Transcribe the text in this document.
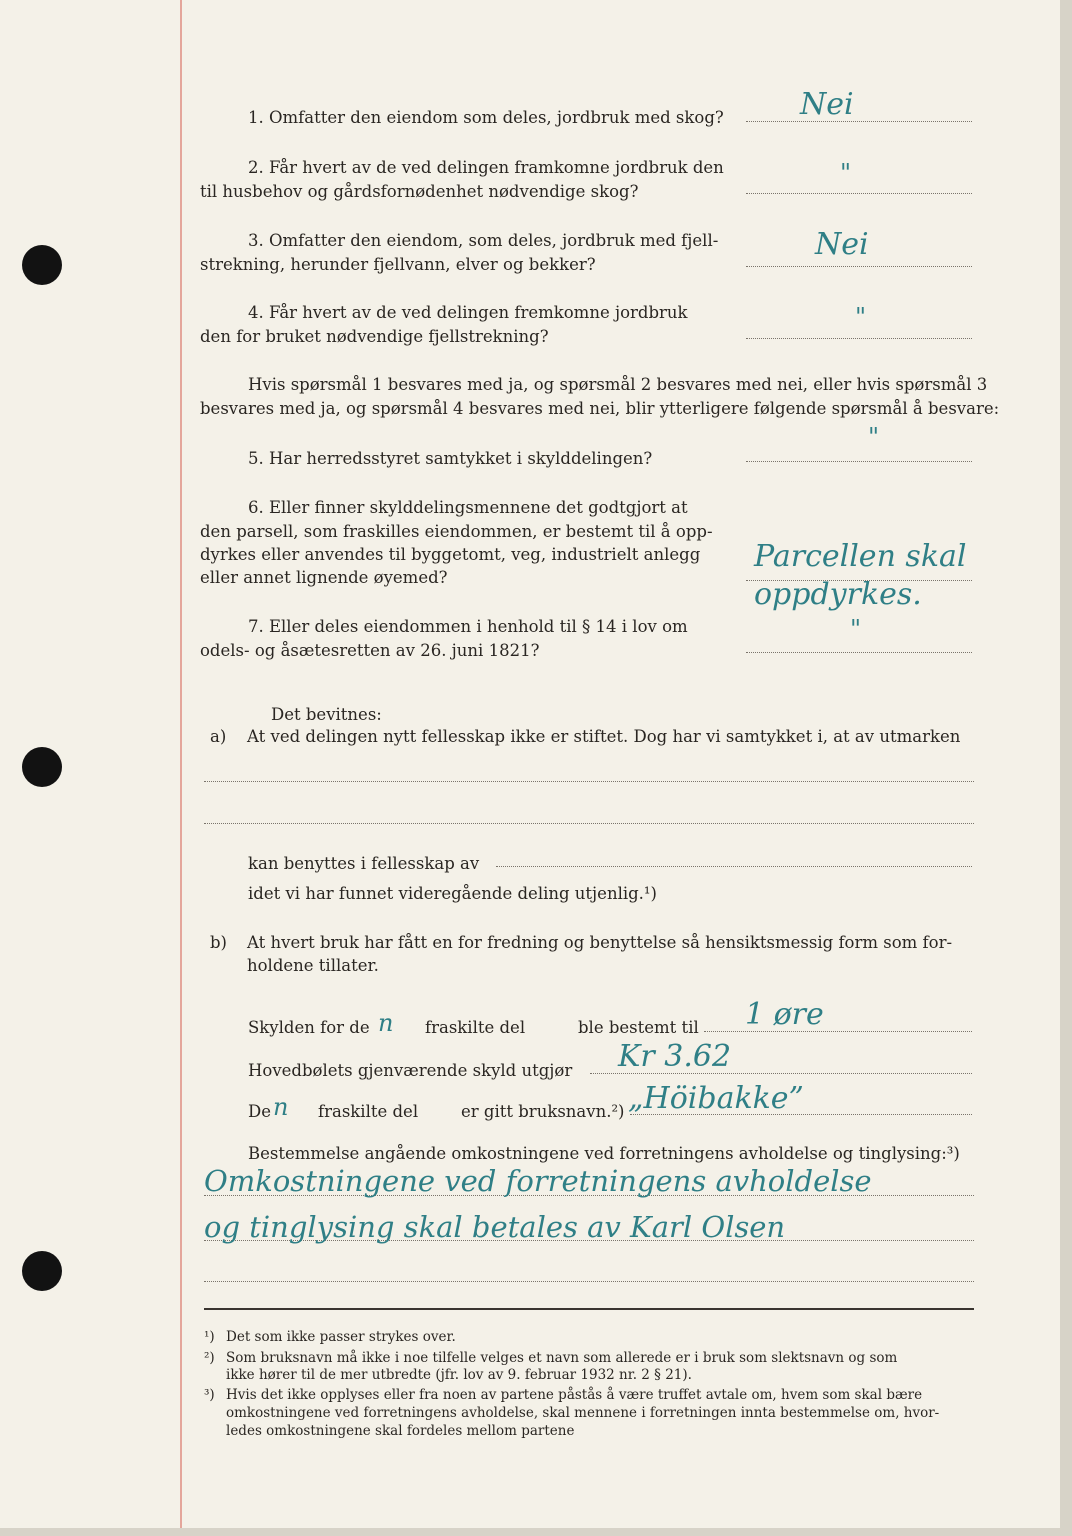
1. Omfatter den eiendom som deles, jordbruk med skog?	Nei
2. Får hvert av de ved delingen framkomne jordbruk den
til husbehov og gårdsfornødenhet nødvendige skog?
"
3. Omfatter den eiendom, som deles, jordbruk med fjell-
strekning, herunder fjellvann, elver og bekker?
Nei
4. Får hvert av de ved delingen fremkomne jordbruk
den for bruket nødvendige fjellstrekning?
"
Hvis spørsmål 1 besvares med ja, og spørsmål 2 besvares med nei, eller hvis spørsmål 3
besvares med ja, og spørsmål 4 besvares med nei, blir ytterligere følgende spørsmål å besvare:
5. Har herredsstyret samtykket i skylddelingen?
"
6. Eller finner skylddelingsmennene det godtgjort at
den parsell, som fraskilles eiendommen, er bestemt til å opp-
dyrkes eller anvendes til byggetomt, veg, industrielt anlegg
eller annet lignende øyemed?
Parcellen skal
oppdyrkes.
7. Eller deles eiendommen i henhold til § 14 i lov om
odels- og åsætesretten av 26. juni 1821?
"
Det bevitnes:
a) At ved delingen nytt fellesskap ikke er stiftet. Dog har vi samtykket i, at av utmarken
kan benyttes i fellesskap av
idet vi har funnet videregående deling utjenlig.¹)
b) At hvert bruk har fått en for fredning og benyttelse så hensiktsmessig form som for-
holdene tillater.
Skylden for de n fraskilte del	ble bestemt til 1 øre
Hovedbølets gjenværende skyld utgjør Kr 3.62
De n fraskilte del	er gitt bruksnavn.²) „Höibakke”
Bestemmelse angående omkostningene ved forretningens avholdelse og tinglysing:³)
Omkostningene ved forretningens avholdelse
og tinglysing skal betales av Karl Olsen
¹) Det som ikke passer strykes over.
²) Som bruksnavn må ikke i noe tilfelle velges et navn som allerede er i bruk som slektsnavn og som
ikke hører til de mer utbredte (jfr. lov av 9. februar 1932 nr. 2 § 21).
³) Hvis det ikke opplyses eller fra noen av partene påstås å være truffet avtale om, hvem som skal bære
omkostningene ved forretningens avholdelse, skal mennene i forretningen innta bestemmelse om, hvor-
ledes omkostningene skal fordeles mellom partene
